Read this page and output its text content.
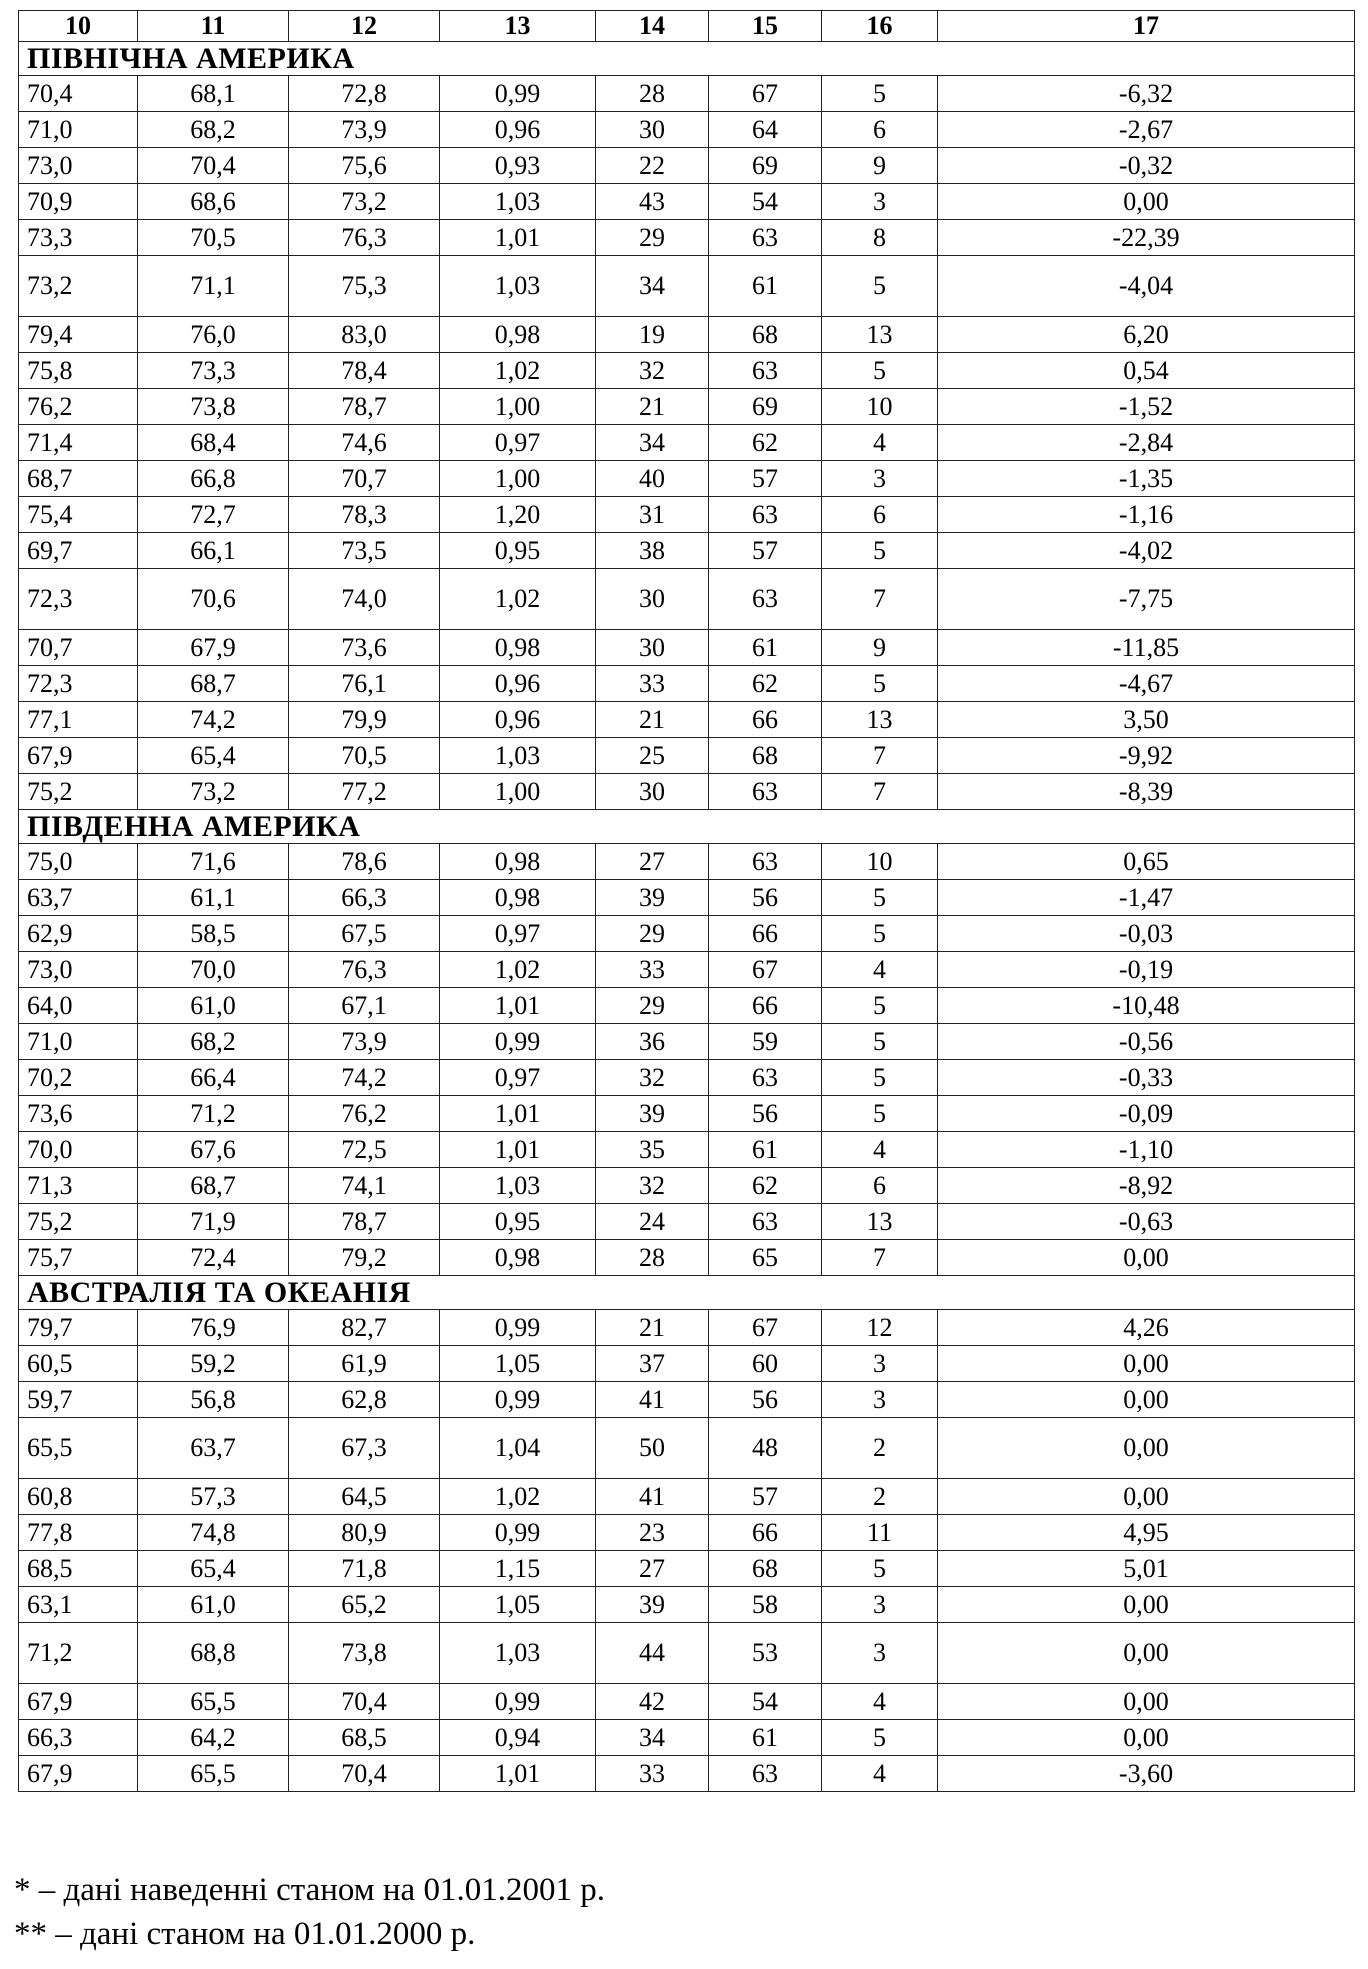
10	11	12	13	14	15	16	17
ПІВНІЧНА АМЕРИКА							
70,4	68,1	72,8	0,99	28	67	5	-6,32
71,0	68,2	73,9	0,96	30	64	6	-2,67
73,0	70,4	75,6	0,93	22	69	9	-0,32
70,9	68,6	73,2	1,03	43	54	3	0,00
73,3	70,5	76,3	1,01	29	63	8	-22,39
73,2	71,1	75,3	1,03	34	61	5	-4,04
79,4	76,0	83,0	0,98	19	68	13	6,20
75,8	73,3	78,4	1,02	32	63	5	0,54
76,2	73,8	78,7	1,00	21	69	10	-1,52
71,4	68,4	74,6	0,97	34	62	4	-2,84
68,7	66,8	70,7	1,00	40	57	3	-1,35
75,4	72,7	78,3	1,20	31	63	6	-1,16
69,7	66,1	73,5	0,95	38	57	5	-4,02
72,3	70,6	74,0	1,02	30	63	7	-7,75
70,7	67,9	73,6	0,98	30	61	9	-11,85
72,3	68,7	76,1	0,96	33	62	5	-4,67
77,1	74,2	79,9	0,96	21	66	13	3,50
67,9	65,4	70,5	1,03	25	68	7	-9,92
75,2	73,2	77,2	1,00	30	63	7	-8,39
ПІВДЕННА АМЕРИКА							
75,0	71,6	78,6	0,98	27	63	10	0,65
63,7	61,1	66,3	0,98	39	56	5	-1,47
62,9	58,5	67,5	0,97	29	66	5	-0,03
73,0	70,0	76,3	1,02	33	67	4	-0,19
64,0	61,0	67,1	1,01	29	66	5	-10,48
71,0	68,2	73,9	0,99	36	59	5	-0,56
70,2	66,4	74,2	0,97	32	63	5	-0,33
73,6	71,2	76,2	1,01	39	56	5	-0,09
70,0	67,6	72,5	1,01	35	61	4	-1,10
71,3	68,7	74,1	1,03	32	62	6	-8,92
75,2	71,9	78,7	0,95	24	63	13	-0,63
75,7	72,4	79,2	0,98	28	65	7	0,00
АВСТРАЛІЯ ТА ОКЕАНІЯ							
79,7	76,9	82,7	0,99	21	67	12	4,26
60,5	59,2	61,9	1,05	37	60	3	0,00
59,7	56,8	62,8	0,99	41	56	3	0,00
65,5	63,7	67,3	1,04	50	48	2	0,00
60,8	57,3	64,5	1,02	41	57	2	0,00
77,8	74,8	80,9	0,99	23	66	11	4,95
68,5	65,4	71,8	1,15	27	68	5	5,01
63,1	61,0	65,2	1,05	39	58	3	0,00
71,2	68,8	73,8	1,03	44	53	3	0,00
67,9	65,5	70,4	0,99	42	54	4	0,00
66,3	64,2	68,5	0,94	34	61	5	0,00
67,9	65,5	70,4	1,01	33	63	4	-3,60
* – дані наведенні станом на 01.01.2001 р.
** – дані станом на 01.01.2000 р.
